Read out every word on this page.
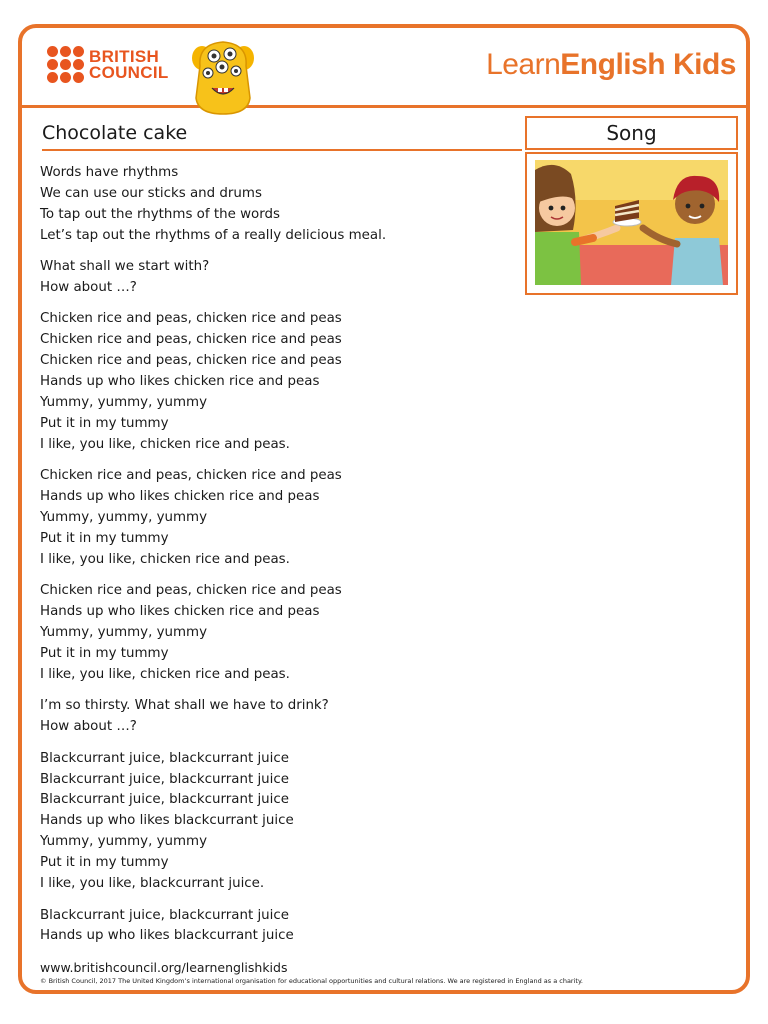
BRITISH
COUNCIL	LearnEnglish Kids
Chocolate cake	Song
Words have rhythms
We can use our sticks and drums
To tap out the rhythms of the words
Let’s tap out the rhythms of a really delicious meal.
What shall we start with?
How about …?
Chicken rice and peas, chicken rice and peas
Chicken rice and peas, chicken rice and peas
Chicken rice and peas, chicken rice and peas
Hands up who likes chicken rice and peas
Yummy, yummy, yummy
Put it in my tummy
I like, you like, chicken rice and peas.
Chicken rice and peas, chicken rice and peas
Hands up who likes chicken rice and peas
Yummy, yummy, yummy
Put it in my tummy
I like, you like, chicken rice and peas.
Chicken rice and peas, chicken rice and peas
Hands up who likes chicken rice and peas
Yummy, yummy, yummy
Put it in my tummy
I like, you like, chicken rice and peas.
I’m so thirsty. What shall we have to drink?
How about …?
Blackcurrant juice, blackcurrant juice
Blackcurrant juice, blackcurrant juice
Blackcurrant juice, blackcurrant juice
Hands up who likes blackcurrant juice
Yummy, yummy, yummy
Put it in my tummy
I like, you like, blackcurrant juice.
Blackcurrant juice, blackcurrant juice
Hands up who likes blackcurrant juice
www.britishcouncil.org/learnenglishkids
© British Council, 2017 The United Kingdom’s international organisation for educational opportunities and cultural relations. We are registered in England as a charity.
